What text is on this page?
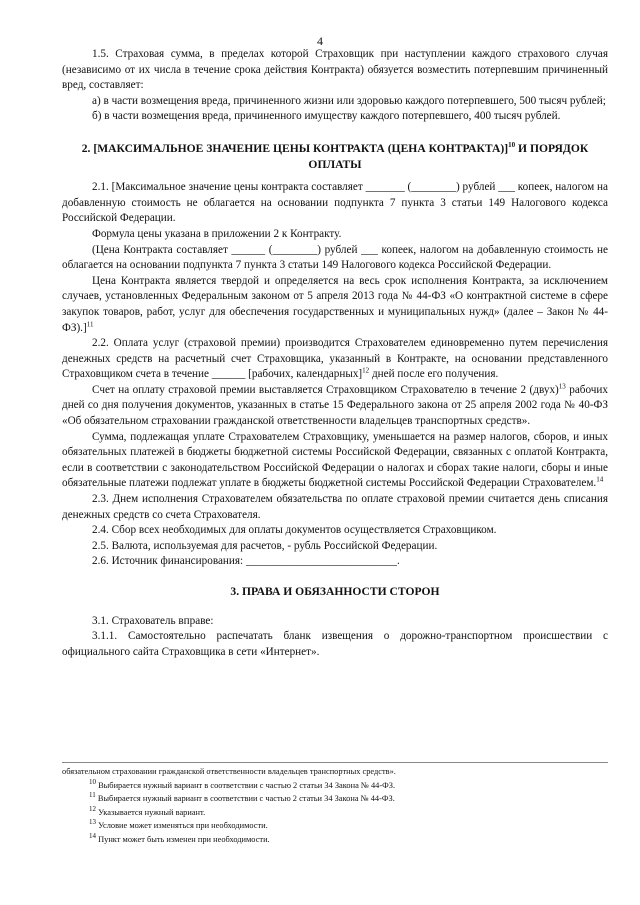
4

1.5. Страховая сумма, в пределах которой Страховщик при наступлении каждого страхового случая (независимо от их числа в течение срока действия Контракта) обязуется возместить потерпевшим причиненный вред, составляет:

а) в части возмещения вреда, причиненного жизни или здоровью каждого потерпевшего, 500 тысяч рублей;

б) в части возмещения вреда, причиненного имуществу каждого потерпевшего, 400 тысяч рублей.

2. [МАКСИМАЛЬНОЕ ЗНАЧЕНИЕ ЦЕНЫ КОНТРАКТА (ЦЕНА КОНТРАКТА)]$^{10}$ И ПОРЯДОК ОПЛАТЫ

2.1. [Максимальное значение цены контракта составляет _______ (________) рублей ___ копеек, налогом на добавленную стоимость не облагается на основании подпункта 7 пункта 3 статьи 149 Налогового кодекса Российской Федерации.

Формула цены указана в приложении 2 к Контракту.

(Цена Контракта составляет ______ (________) рублей ___ копеек, налогом на добавленную стоимость не облагается на основании подпункта 7 пункта 3 статьи 149 Налогового кодекса Российской Федерации.

Цена Контракта является твердой и определяется на весь срок исполнения Контракта, за исключением случаев, установленных Федеральным законом от 5 апреля 2013 года № 44-ФЗ «О контрактной системе в сфере закупок товаров, работ, услуг для обеспечения государственных и муниципальных нужд» (далее – Закон № 44-ФЗ).]$^{11}$

2.2. Оплата услуг (страховой премии) производится Страхователем единовременно путем перечисления денежных средств на расчетный счет Страховщика, указанный в Контракте, на основании представленного Страховщиком счета в течение ______ [рабочих, календарных]$^{12}$ дней после его получения.

Счет на оплату страховой премии выставляется Страховщиком Страхователю в течение 2 (двух)$^{13}$ рабочих дней со дня получения документов, указанных в статье 15 Федерального закона от 25 апреля 2002 года № 40-ФЗ «Об обязательном страховании гражданской ответственности владельцев транспортных средств».

Сумма, подлежащая уплате Страхователем Страховщику, уменьшается на размер налогов, сборов, и иных обязательных платежей в бюджеты бюджетной системы Российской Федерации, связанных с оплатой Контракта, если в соответствии с законодательством Российской Федерации о налогах и сборах такие налоги, сборы и иные обязательные платежи подлежат уплате в бюджеты бюджетной системы Российской Федерации Страхователем.$^{14}$

2.3. Днем исполнения Страхователем обязательства по оплате страховой премии считается день списания денежных средств со счета Страхователя.

2.4. Сбор всех необходимых для оплаты документов осуществляется Страховщиком.

2.5. Валюта, используемая для расчетов, - рубль Российской Федерации.

2.6. Источник финансирования: ___________________________.

3. ПРАВА И ОБЯЗАННОСТИ СТОРОН

3.1. Страхователь вправе:

3.1.1. Самостоятельно распечатать бланк извещения о дорожно-транспортном происшествии с официального сайта Страховщика в сети «Интернет».

обязательном страховании гражданской ответственности владельцев транспортных средств».

$^{10}$ Выбирается нужный вариант в соответствии с частью 2 статьи 34 Закона № 44-ФЗ.

$^{11}$ Выбирается нужный вариант в соответствии с частью 2 статьи 34 Закона № 44-ФЗ.

$^{12}$ Указывается нужный вариант.

$^{13}$ Условие может изменяться при необходимости.

$^{14}$ Пункт может быть изменен при необходимости.
